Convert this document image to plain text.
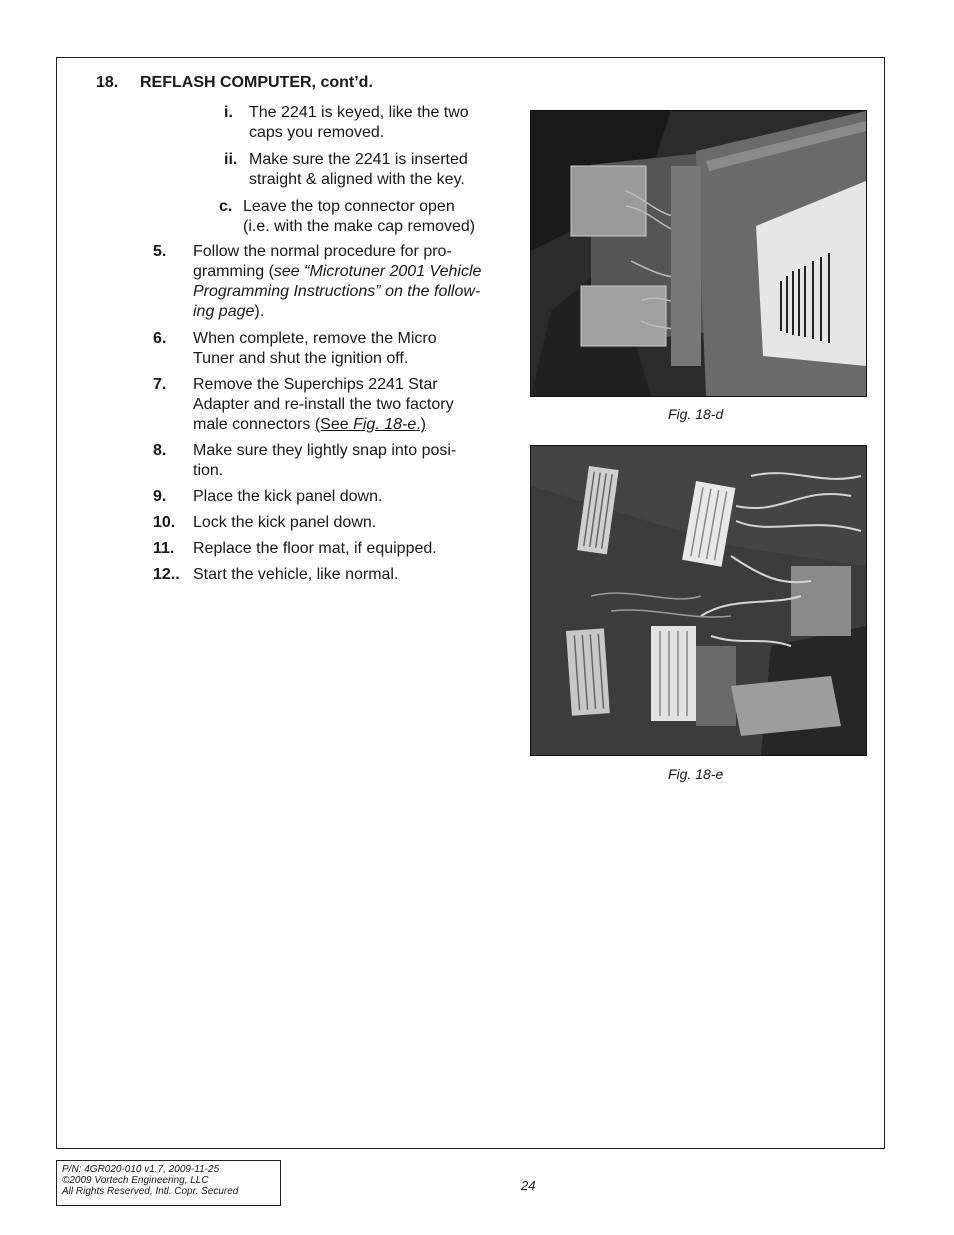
18. REFLASH COMPUTER, cont’d.
i. The 2241 is keyed, like the two
caps you removed.
ii. Make sure the 2241 is inserted
straight & aligned with the key.
c. Leave the top connector open
(i.e. with the make cap removed)
5. Follow the normal procedure for pro-
gramming (see “Microtuner 2001 Vehicle
Programming Instructions” on the follow-
ing page).
6. When complete, remove the Micro
Tuner and shut the ignition off.
7. Remove the Superchips 2241 Star
Adapter and re-install the two factory
male connectors (See Fig. 18-e.)
8. Make sure they lightly snap into posi-
tion.
9. Place the kick panel down.
10. Lock the kick panel down.
11. Replace the floor mat, if equipped.
12.. Start the vehicle, like normal.
Fig. 18-d
Fig. 18-e
P/N: 4GR020-010 v1.7, 2009-11-25
©2009 Vortech Engineering, LLC
All Rights Reserved, Intl. Copr. Secured	24
